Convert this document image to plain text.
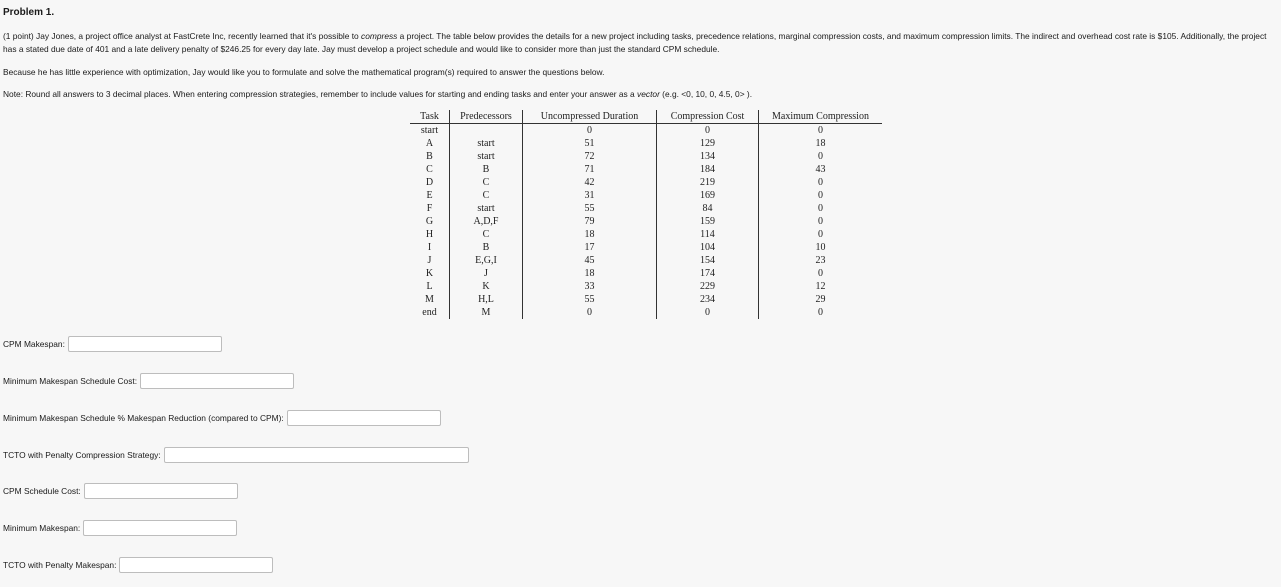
Problem 1.

(1 point) Jay Jones, a project office analyst at FastCrete Inc, recently learned that it's possible to compress a project. The table below provides the details for a new project including tasks, precedence relations, marginal compression costs, and maximum compression limits. The indirect and overhead cost rate is $105. Additionally, the project has a stated due date of 401 and a late delivery penalty of $246.25 for every day late. Jay must develop a project schedule and would like to consider more than just the standard CPM schedule.

Because he has little experience with optimization, Jay would like you to formulate and solve the mathematical program(s) required to answer the questions below.

Note: Round all answers to 3 decimal places. When entering compression strategies, remember to include values for starting and ending tasks and enter your answer as a vector (e.g. <0, 10, 0, 4.5, 0> ).

Task	Predecessors	Uncompressed Duration	Compression Cost	Maximum Compression
start		0	0	0
A	start	51	129	18
B	start	72	134	0
C	B	71	184	43
D	C	42	219	0
E	C	31	169	0
F	start	55	84	0
G	A,D,F	79	159	0
H	C	18	114	0
I	B	17	104	10
J	E,G,I	45	154	23
K	J	18	174	0
L	K	33	229	12
M	H,L	55	234	29
end	M	0	0	0
CPM Makespan:
Minimum Makespan Schedule Cost:
Minimum Makespan Schedule % Makespan Reduction (compared to CPM):
TCTO with Penalty Compression Strategy:
CPM Schedule Cost:
Minimum Makespan:
TCTO with Penalty Makespan:
